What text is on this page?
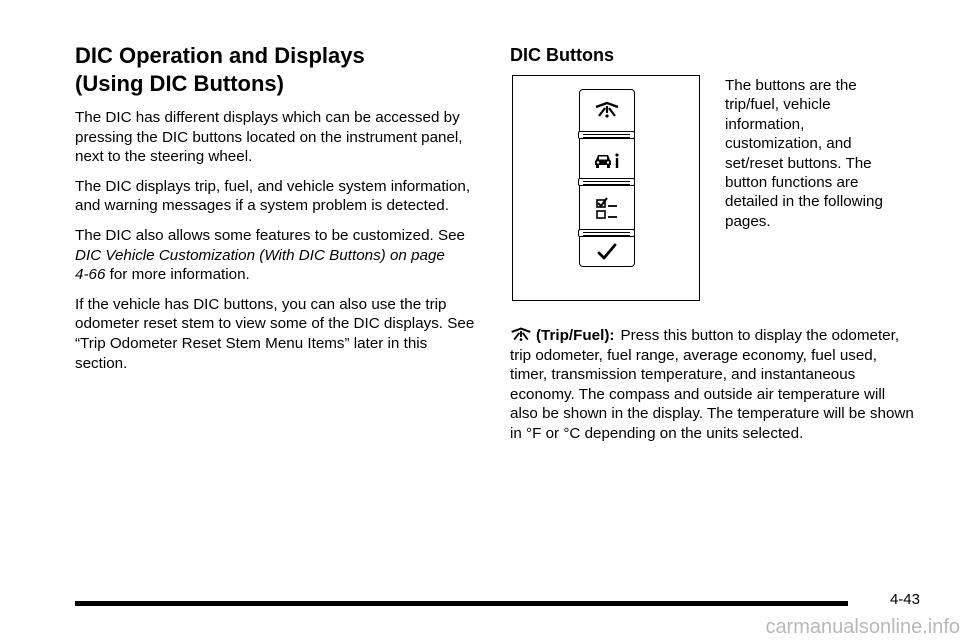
DIC Operation and Displays
(Using DIC Buttons)

The DIC has different displays which can be accessed by pressing the DIC buttons located on the instrument panel, next to the steering wheel.

The DIC displays trip, fuel, and vehicle system information, and warning messages if a system problem is detected.

The DIC also allows some features to be customized. See DIC Vehicle Customization (With DIC Buttons) on page 4‑66 for more information.

If the vehicle has DIC buttons, you can also use the trip odometer reset stem to view some of the DIC displays. See “Trip Odometer Reset Stem Menu Items” later in this section.

DIC Buttons

The buttons are the trip/fuel, vehicle information, customization, and set/reset buttons. The button functions are detailed in the following pages.

(Trip/Fuel): Press this button to display the odometer, trip odometer, fuel range, average economy, fuel used, timer, transmission temperature, and instantaneous economy. The compass and outside air temperature will also be shown in the display. The temperature will be shown in °F or °C depending on the units selected.

4-43
carmanualsonline.info
